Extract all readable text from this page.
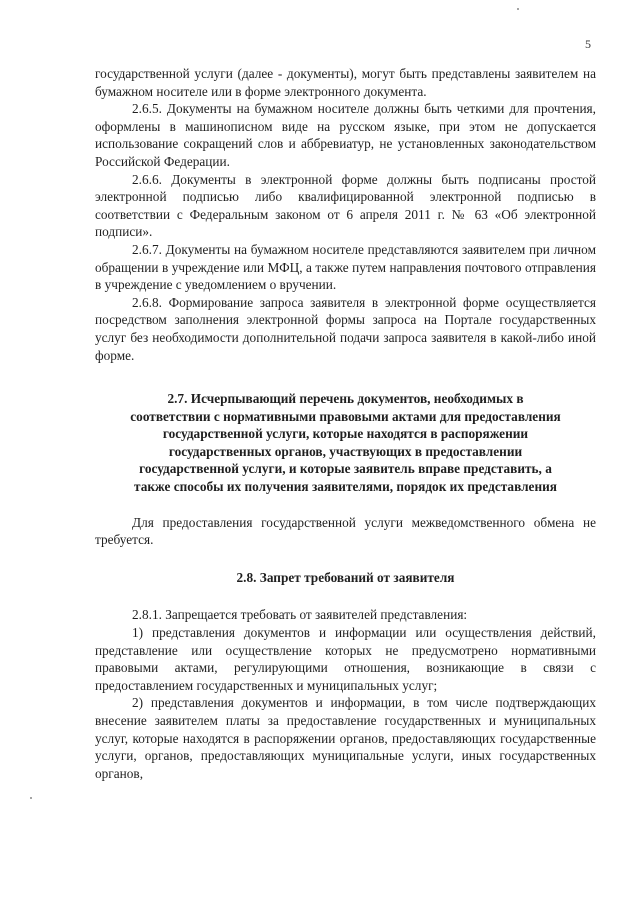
5

государственной услуги (далее - документы), могут быть представлены заявителем на бумажном носителе или в форме электронного документа.

2.6.5. Документы на бумажном носителе должны быть четкими для прочтения, оформлены в машинописном виде на русском языке, при этом не допускается использование сокращений слов и аббревиатур, не установленных законодательством Российской Федерации.

2.6.6. Документы в электронной форме должны быть подписаны простой электронной подписью либо квалифицированной электронной подписью в соответствии с Федеральным законом от 6 апреля 2011 г. № 63 «Об электронной подписи».

2.6.7. Документы на бумажном носителе представляются заявителем при личном обращении в учреждение или МФЦ, а также путем направления почтового отправления в учреждение с уведомлением о вручении.

2.6.8. Формирование запроса заявителя в электронной форме осуществляется посредством заполнения электронной формы запроса на Портале государственных услуг без необходимости дополнительной подачи запроса заявителя в какой-либо иной форме.

2.7. Исчерпывающий перечень документов, необходимых в
соответствии с нормативными правовыми актами для предоставления
государственной услуги, которые находятся в распоряжении
государственных органов, участвующих в предоставлении
государственной услуги, и которые заявитель вправе представить, а
также способы их получения заявителями, порядок их представления

Для предоставления государственной услуги межведомственного обмена не требуется.

2.8. Запрет требований от заявителя

2.8.1. Запрещается требовать от заявителей представления:

1) представления документов и информации или осуществления действий, представление или осуществление которых не предусмотрено нормативными правовыми актами, регулирующими отношения, возникающие в связи с предоставлением государственных и муниципальных услуг;

2) представления документов и информации, в том числе подтверждающих внесение заявителем платы за предоставление государственных и муниципальных услуг, которые находятся в распоряжении органов, предоставляющих государственные услуги, органов, предоставляющих муниципальные услуги, иных государственных органов,
